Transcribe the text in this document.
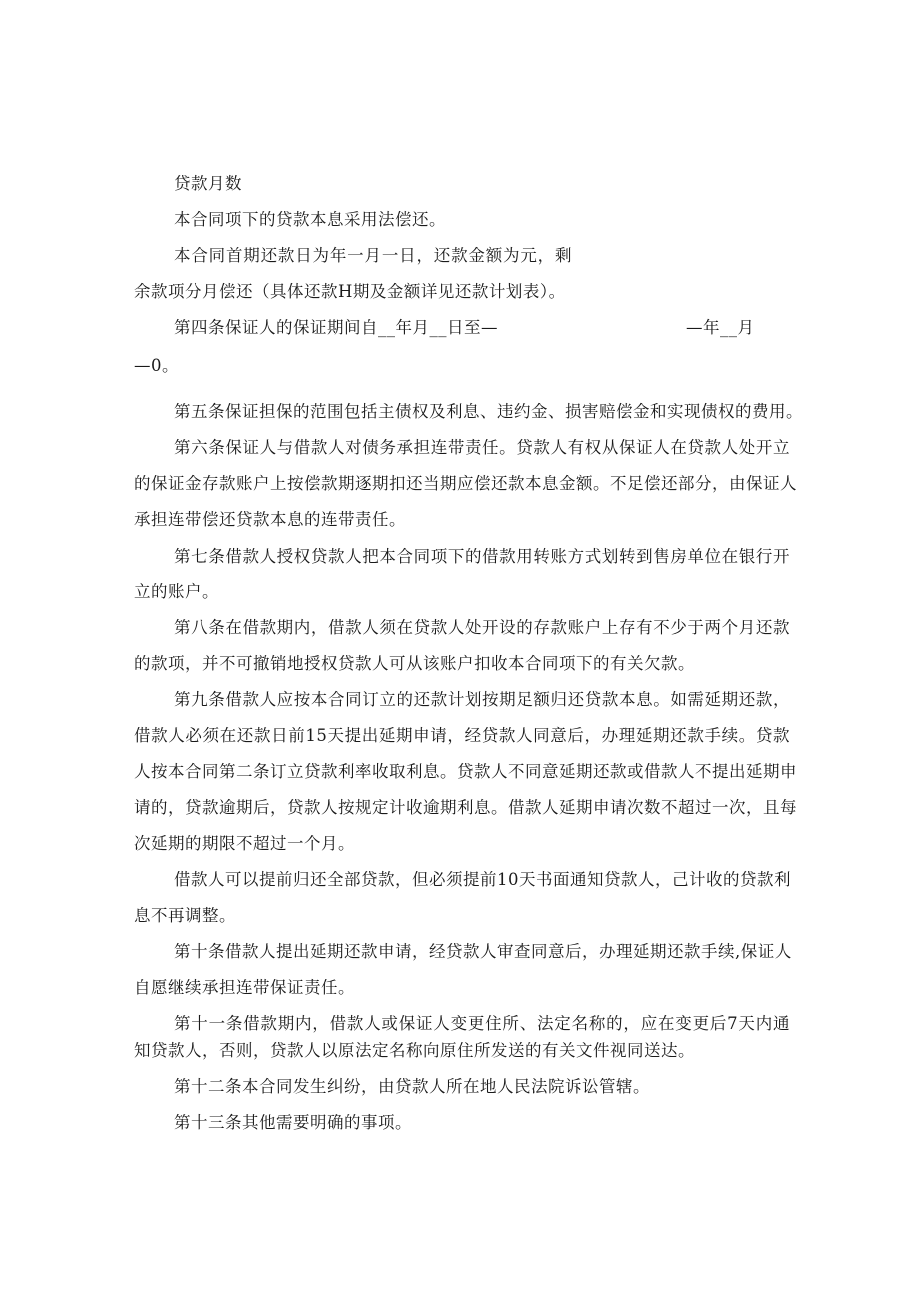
贷款月数
本合同项下的贷款本息采用法偿还。
本合同首期还款日为年一月一日，还款金额为元，剩
余款项分月偿还（具体还款H期及金额详见还款计划表）。
第四条保证人的保证期间自__年月__日至—	—年__月
—0。
第五条保证担保的范围包括主债权及利息、违约金、损害赔偿金和实现债权的费用。
第六条保证人与借款人对债务承担连带责任。贷款人有权从保证人在贷款人处开立
的保证金存款账户上按偿款期逐期扣还当期应偿还款本息金额。不足偿还部分，由保证人
承担连带偿还贷款本息的连带责任。
第七条借款人授权贷款人把本合同项下的借款用转账方式划转到售房单位在银行开
立的账户。
第八条在借款期内，借款人须在贷款人处开设的存款账户上存有不少于两个月还款
的款项，并不可撤销地授权贷款人可从该账户扣收本合同项下的有关欠款。
第九条借款人应按本合同订立的还款计划按期足额归还贷款本息。如需延期还款，
借款人必须在还款日前15天提出延期申请，经贷款人同意后，办理延期还款手续。贷款
人按本合同第二条订立贷款利率收取利息。贷款人不同意延期还款或借款人不提出延期申
请的，贷款逾期后，贷款人按规定计收逾期利息。借款人延期申请次数不超过一次，且每
次延期的期限不超过一个月。
借款人可以提前归还全部贷款，但必须提前10天书面通知贷款人，己计收的贷款利
息不再调整。
第十条借款人提出延期还款申请，经贷款人审查同意后，办理延期还款手续,保证人
自愿继续承担连带保证责任。
第十一条借款期内，借款人或保证人变更住所、法定名称的，应在变更后7天内通
知贷款人，否则，贷款人以原法定名称向原住所发送的有关文件视同送达。
第十二条本合同发生纠纷，由贷款人所在地人民法院诉讼管辖。
第十三条其他需要明确的事项。
